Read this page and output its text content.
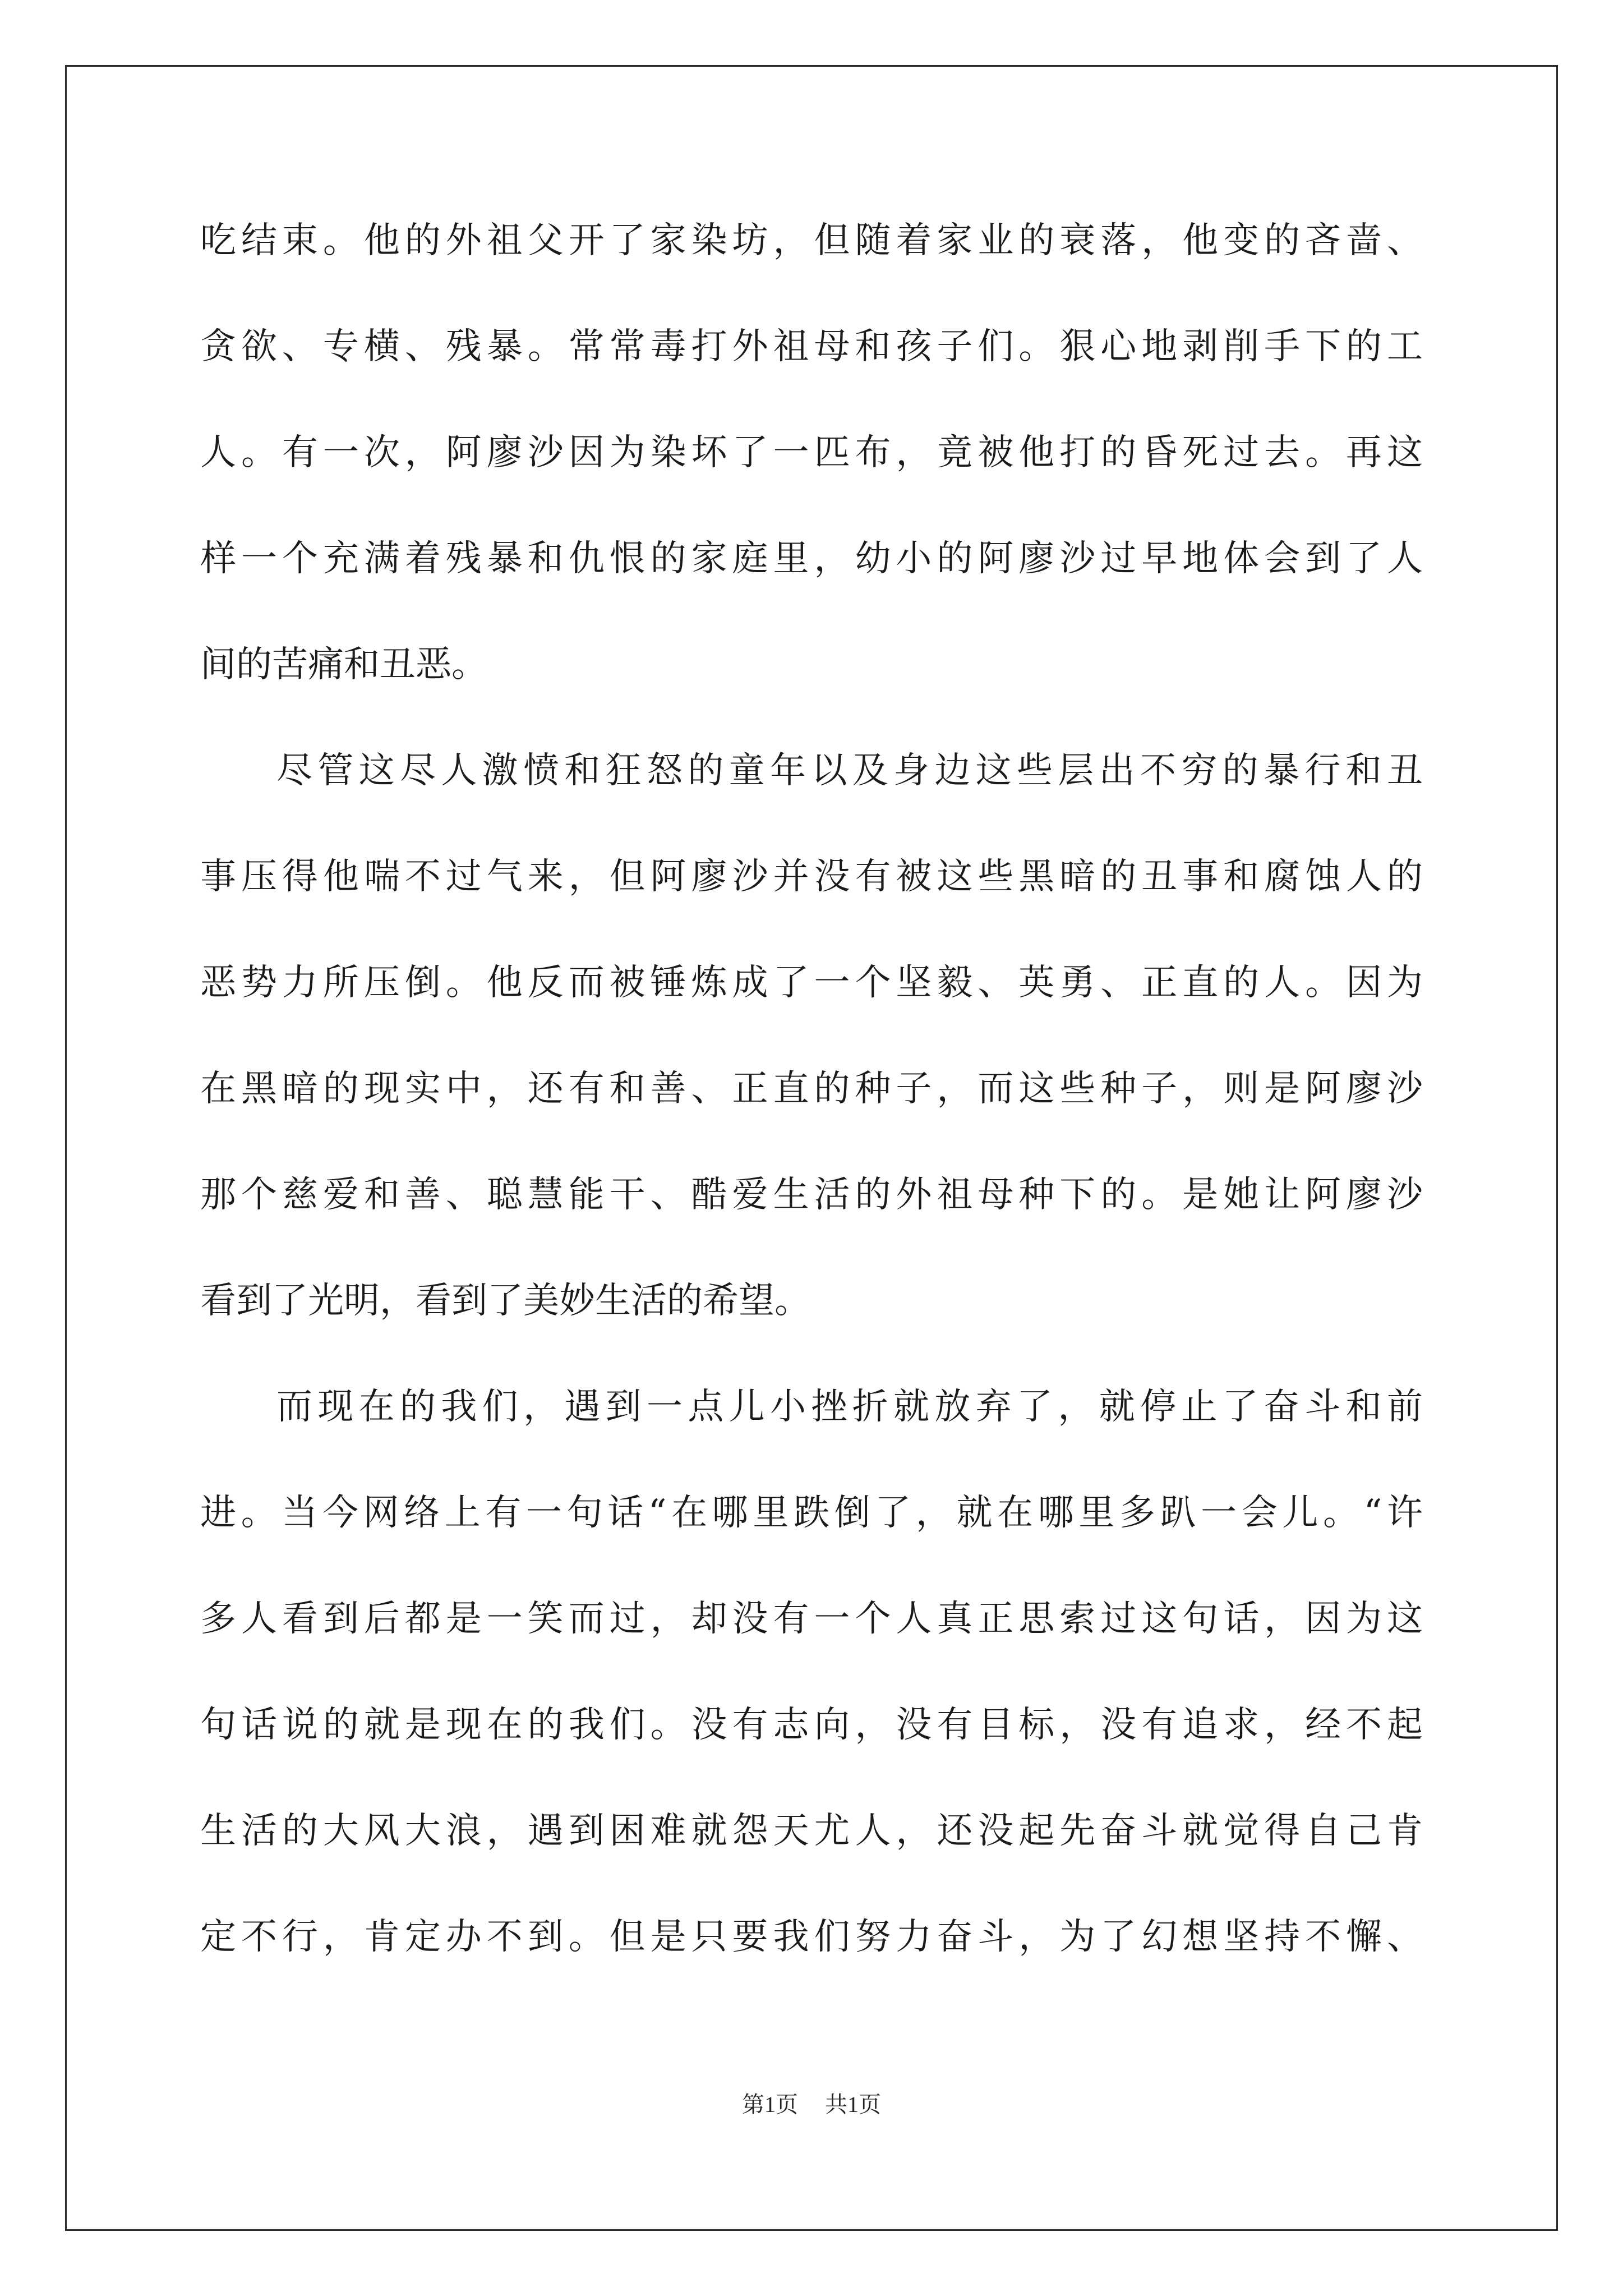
吃结束。他的外祖父开了家染坊，但随着家业的衰落，他变的吝啬、
贪欲、专横、残暴。常常毒打外祖母和孩子们。狠心地剥削手下的工
人。有一次，阿廖沙因为染坏了一匹布，竟被他打的昏死过去。再这
样一个充满着残暴和仇恨的家庭里，幼小的阿廖沙过早地体会到了人
间的苦痛和丑恶。
尽管这尽人激愤和狂怒的童年以及身边这些层出不穷的暴行和丑
事压得他喘不过气来，但阿廖沙并没有被这些黑暗的丑事和腐蚀人的
恶势力所压倒。他反而被锤炼成了一个坚毅、英勇、正直的人。因为
在黑暗的现实中，还有和善、正直的种子，而这些种子，则是阿廖沙
那个慈爱和善、聪慧能干、酷爱生活的外祖母种下的。是她让阿廖沙
看到了光明，看到了美妙生活的希望。
而现在的我们，遇到一点儿小挫折就放弃了，就停止了奋斗和前
进。当今网络上有一句话“在哪里跌倒了，就在哪里多趴一会儿。“许
多人看到后都是一笑而过，却没有一个人真正思索过这句话，因为这
句话说的就是现在的我们。没有志向，没有目标，没有追求，经不起
生活的大风大浪，遇到困难就怨天尤人，还没起先奋斗就觉得自己肯
定不行，肯定办不到。但是只要我们努力奋斗，为了幻想坚持不懈、
第1页 共1页
